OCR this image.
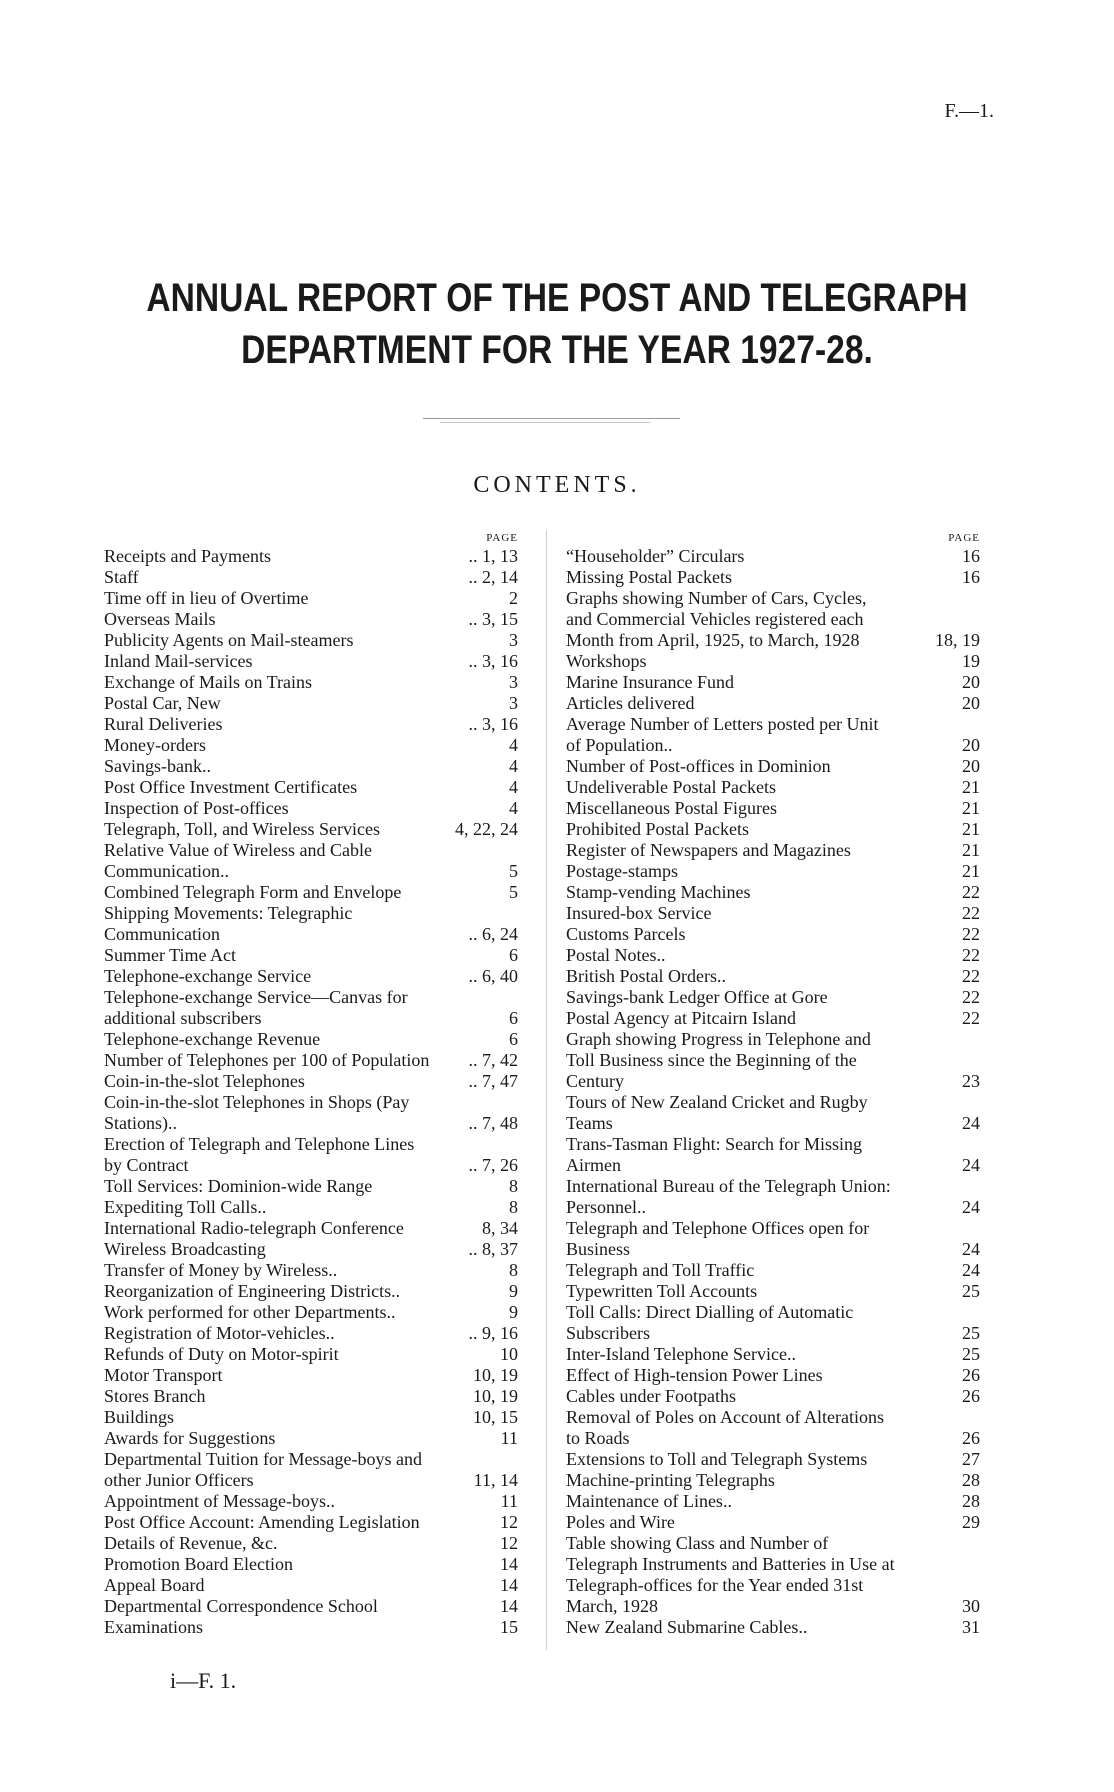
F.—1.
ANNUAL REPORT OF THE POST AND TELEGRAPH
DEPARTMENT FOR THE YEAR 1927-28.
CONTENTS.
PAGE
Receipts and Payments	.. 1, 13
Staff	.. 2, 14
Time off in lieu of Overtime	2
Overseas Mails	.. 3, 15
Publicity Agents on Mail-steamers	3
Inland Mail-services	.. 3, 16
Exchange of Mails on Trains	3
Postal Car, New	3
Rural Deliveries	.. 3, 16
Money-orders	4
Savings-bank..	4
Post Office Investment Certificates	4
Inspection of Post-offices	4
Telegraph, Toll, and Wireless Services	4, 22, 24
Relative Value of Wireless and Cable Communication..	5
Combined Telegraph Form and Envelope	5
Shipping Movements: Telegraphic Communication	.. 6, 24
Summer Time Act	6
Telephone-exchange Service	.. 6, 40
Telephone-exchange Service—Canvas for additional subscribers	6
Telephone-exchange Revenue	6
Number of Telephones per 100 of Population	.. 7, 42
Coin-in-the-slot Telephones	.. 7, 47
Coin-in-the-slot Telephones in Shops (Pay Stations)..	.. 7, 48
Erection of Telegraph and Telephone Lines by Contract	.. 7, 26
Toll Services: Dominion-wide Range	8
Expediting Toll Calls..	8
International Radio-telegraph Conference	8, 34
Wireless Broadcasting	.. 8, 37
Transfer of Money by Wireless..	8
Reorganization of Engineering Districts..	9
Work performed for other Departments..	9
Registration of Motor-vehicles..	.. 9, 16
Refunds of Duty on Motor-spirit	10
Motor Transport	10, 19
Stores Branch	10, 19
Buildings	10, 15
Awards for Suggestions	11
Departmental Tuition for Message-boys and other Junior Officers	11, 14
Appointment of Message-boys..	11
Post Office Account: Amending Legislation	12
Details of Revenue, &c.	12
Promotion Board Election	14
Appeal Board	14
Departmental Correspondence School	14
Examinations	15
PAGE
“Householder” Circulars	16
Missing Postal Packets	16
Graphs showing Number of Cars, Cycles, and Commercial Vehicles registered each Month from April, 1925, to March, 1928	18, 19
Workshops	19
Marine Insurance Fund	20
Articles delivered	20
Average Number of Letters posted per Unit of Population..	20
Number of Post-offices in Dominion	20
Undeliverable Postal Packets	21
Miscellaneous Postal Figures	21
Prohibited Postal Packets	21
Register of Newspapers and Magazines	21
Postage-stamps	21
Stamp-vending Machines	22
Insured-box Service	22
Customs Parcels	22
Postal Notes..	22
British Postal Orders..	22
Savings-bank Ledger Office at Gore	22
Postal Agency at Pitcairn Island	22
Graph showing Progress in Telephone and Toll Business since the Beginning of the Century	23
Tours of New Zealand Cricket and Rugby Teams	24
Trans-Tasman Flight: Search for Missing Airmen	24
International Bureau of the Telegraph Union: Personnel..	24
Telegraph and Telephone Offices open for Business	24
Telegraph and Toll Traffic	24
Typewritten Toll Accounts	25
Toll Calls: Direct Dialling of Automatic Subscribers	25
Inter-Island Telephone Service..	25
Effect of High-tension Power Lines	26
Cables under Footpaths	26
Removal of Poles on Account of Alterations to Roads	26
Extensions to Toll and Telegraph Systems	27
Machine-printing Telegraphs	28
Maintenance of Lines..	28
Poles and Wire	29
Table showing Class and Number of Telegraph Instruments and Batteries in Use at Telegraph-offices for the Year ended 31st March, 1928	30
New Zealand Submarine Cables..	31
i—F. 1.
